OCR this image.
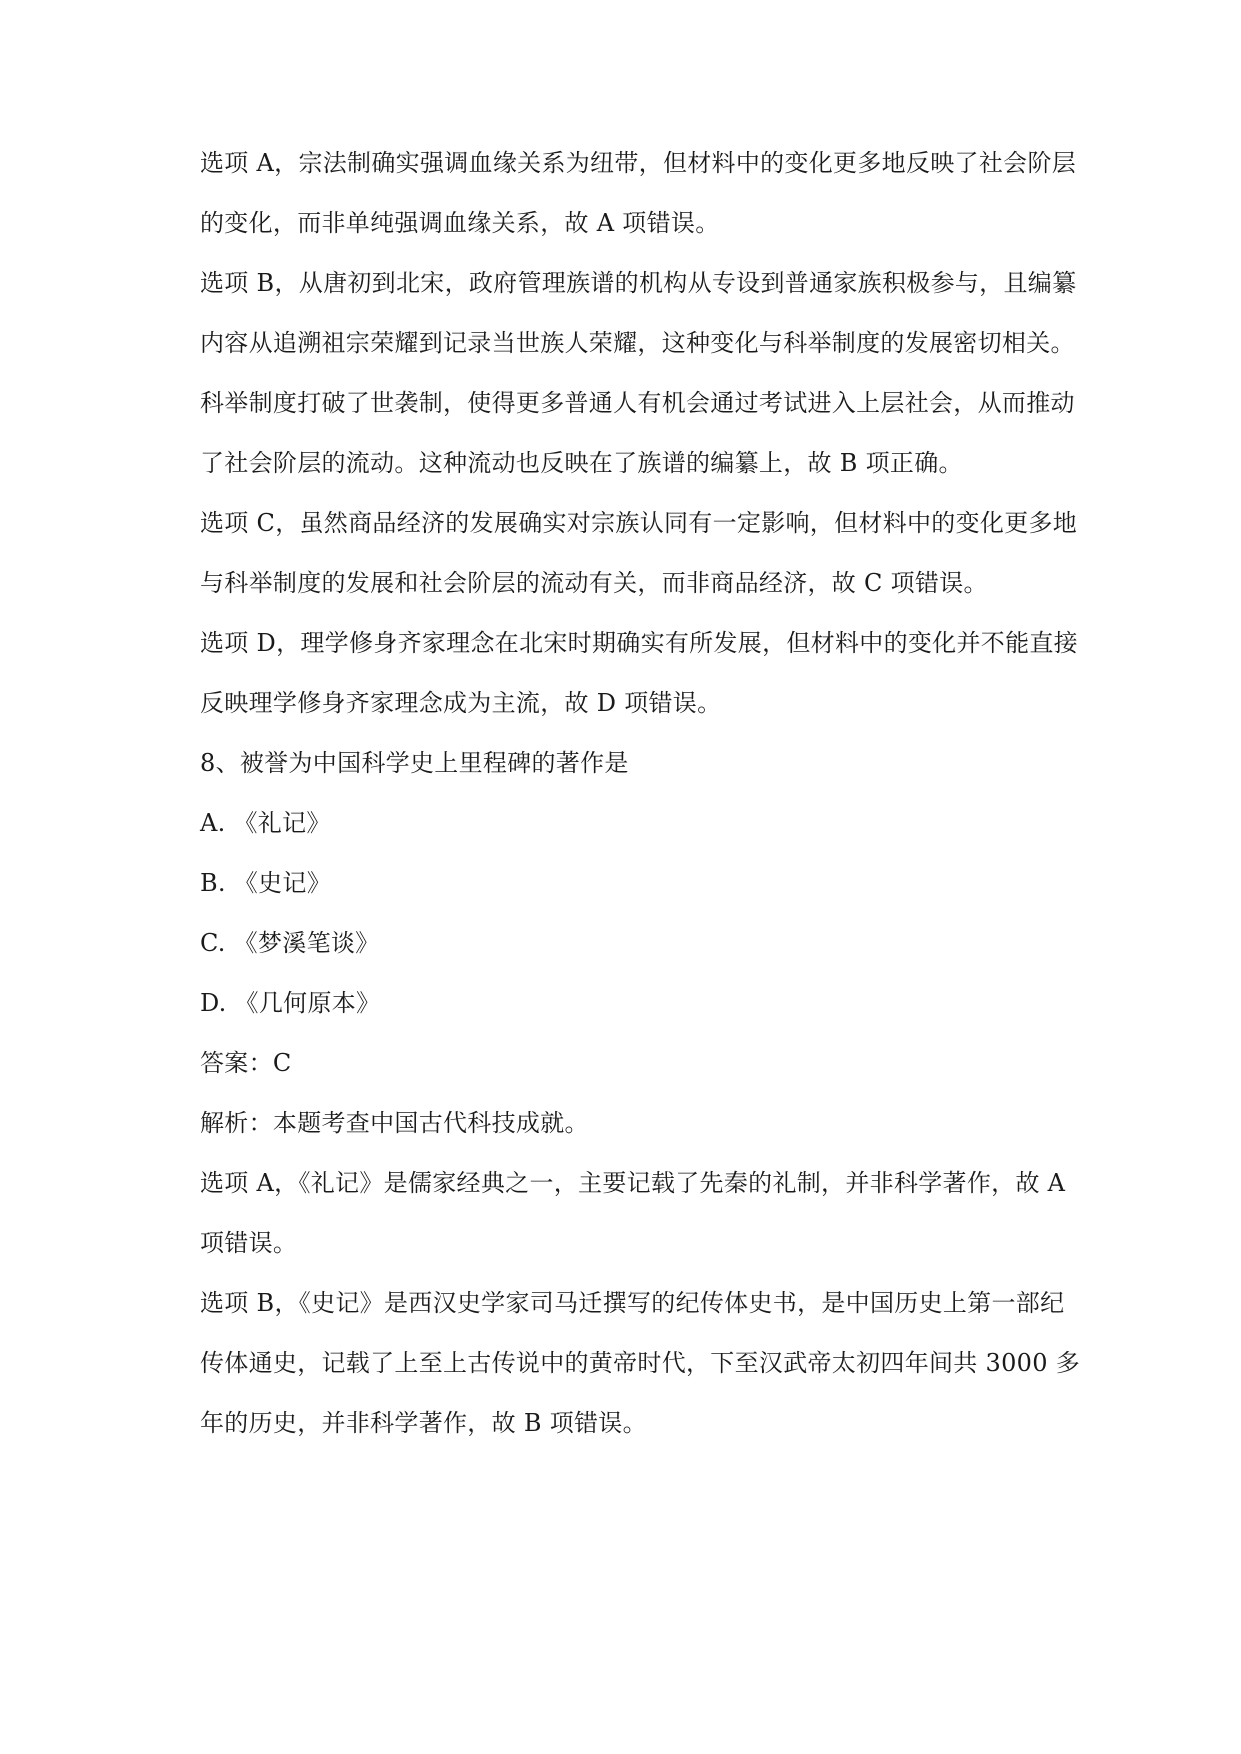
选项 A，宗法制确实强调血缘关系为纽带，但材料中的变化更多地反映了社会阶层
的变化，而非单纯强调血缘关系，故 A 项错误。
选项 B，从唐初到北宋，政府管理族谱的机构从专设到普通家族积极参与，且编纂
内容从追溯祖宗荣耀到记录当世族人荣耀，这种变化与科举制度的发展密切相关。
科举制度打破了世袭制，使得更多普通人有机会通过考试进入上层社会，从而推动
了社会阶层的流动。这种流动也反映在了族谱的编纂上，故 B 项正确。
选项 C，虽然商品经济的发展确实对宗族认同有一定影响，但材料中的变化更多地
与科举制度的发展和社会阶层的流动有关，而非商品经济，故 C 项错误。
选项 D，理学修身齐家理念在北宋时期确实有所发展，但材料中的变化并不能直接
反映理学修身齐家理念成为主流，故 D 项错误。
8、被誉为中国科学史上里程碑的著作是
A. 《礼记》
B. 《史记》
C. 《梦溪笔谈》
D. 《几何原本》
答案：C
解析：本题考查中国古代科技成就。
选项 A，《礼记》是儒家经典之一，主要记载了先秦的礼制，并非科学著作，故 A
项错误。
选项 B，《史记》是西汉史学家司马迁撰写的纪传体史书，是中国历史上第一部纪
传体通史，记载了上至上古传说中的黄帝时代，下至汉武帝太初四年间共 3000 多
年的历史，并非科学著作，故 B 项错误。
